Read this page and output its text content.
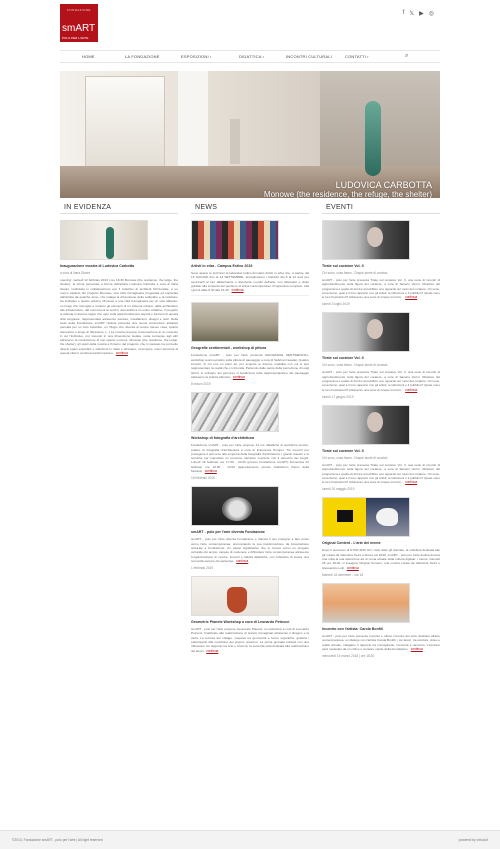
FONDAZIONE
smART
POLO PER L'ARTE
f 𝕏 ▶ ◎
HOME	LA FONDAZIONE	ESPOSIZIONI▾	DIDATTICA▾	INCONTRI CULTURALI	CONTATTI▾	⌕
LUDOVICA CARBOTTA
Monowe (the residence, the refuge, the shelter)
IN EVIDENZA
Inaugurazione mostra di Ludovica Carbotta
a cura di Ilaria Gianni
opening: martedì 12 febbraio 2019 | ore 18.30 Monowe (the residence, the lodge, the shelter), la prima personale a Roma dell'artista Ludovica Carbotta a cura di Ilaria Gianni, realizzata in collaborazione con il collettivo di architetti Orizzontale, è un nuovo capitolo del progetto Monowe, una città immaginaria progettata ed esplorata dall'artista da qualche anno, che indaga la dimensione della solitudine e la relazione fra individuo e spazio urbano. Monowe è una città immaginaria per un solo abitante, un luogo che raccoglie e riunisce gli elementi di un sistema urbano, dalle architetture alle infrastrutture, dai monumenti ai servizi, accessibili a un unico cittadino. Il progetto si articola in diverse tappe che ogni volta approfondiscono aspetti e funzioni di questa città singolare, rappresentata attraverso sculture, installazioni, disegni e testi. Nella sede della Fondazione smART l'artista presenta una nuova costruzione abitativa pensata per un solo individuo, un rifugio che diventa al tempo stesso casa, spazio domestico e luogo di riflessione. [...] La mostra propone l'osservazione di un contesto in cui l'individuo, pur vivendo in una dimensione isolata, resta connesso agli altri attraverso la condivisione di uno spazio comune. Monowe (the residence, the lodge, the shelter), gli spazi della mostra e l'interno del progetto, che in passato ha coinvolto diversi spazi espositivi e istituzioni in Italia e all'estero, ricompone nuovi elementi di questa città in continua trasformazione. continua
NEWS
Artisti in erba - Campus Estivo 2019
Sono aperte le iscrizioni ai laboratori ludico-formativi Artisti in erba che, a partire dal 10 GIUGNO fino al 13 SETTEMBRE, accoglieranno i bambini dai 6 ai 12 anni per avvicinarli al loro affascinante e divertente mondo dell'arte, con laboratori e visite guidate alla scoperta del pensiero di artisti contemporanei. Programma completo: tutti i giorni dalle 8.30 alle 16.30. continua
Geografie sentimentali - workshop di pittura
Fondazione smART - polo per l'arte presenta GEOGRAFIE SENTIMENTALI, workshop teorico-pratico sulla pittura di paesaggio a cura di Sabrina Casadei. Quattro incontri, di cui uno en plein air, per scoprire le diverse modalità con cui si può rappresentare la realtà che ci circonda. Partendo dalle teorie della percezione di Luigi Ghirri, lo sviluppo del percorso si focalizzerà sulla rappresentazione del paesaggio attraverso la pratica pittorica. continua
8 marzo 2019
Workshop di fotografia d'architettura
Fondazione smART - polo per l'arte propone 14 ore didattiche di workshop teorico-pratico di fotografia d'architettura a cura di Francesca Pompei. Tre incontri per proseguire il percorso alla scoperta della fotografia d'architettura, i grandi maestri e le tecniche per impostare un percorso narrativo coerente con il racconto dei luoghi. Lunedì 18 febbraio ore 17.00 - 20.00 (presso Fondazione smART) Domenica 24 febbraio ore 10.00 - 13.00 (appuntamento presso Auditorium Parco della Musica). continua
18 febbraio 2019
smART - polo per l'arte diventa Fondazione
smART - polo per l'arte diventa Fondazione e rilancia il suo impegno a fare poste verso l'arte contemporanea, annunciando la sua trasformazione da Associazione culturale a Fondazione. Un passo significativo che si muove verso un progetto culturale più ampio, capace di sostenere e diffondere l'arte contemporanea attraverso l'organizzazione di mostre, incontri e attività didattiche, con l'obiettivo di creare una comunità sempre più partecipe. continua
1 febbraio 2019
Geometric Planets Workshop a cura di Leonardo Petrucci
smART - polo per l'arte propone Geometric Planets, un workshop a cura di Leonardo Petrucci, finalizzato alla realizzazione di pianeti immaginari attraverso il disegno e la carta. La tecnica del collage, sospesa tra geometria e forme organiche, guiderà i partecipanti alla creazione del proprio universo. La prima giornata inizierà con una riflessione sul rapporto tra arte e scienza, la seconda sarà dedicata alla realizzazione dei lavori. continua
EVENTI
Tirate sul curatore Vol. II
Chi sono, cosa fanno. Cinque storie di curatori.
smART - polo per l'arte presenta Tirate sul curatore Vol. II, una serie di incontri di approfondimento sulla figura del curatore, a cura di Saverio Verini. Obiettivo del programma è quello di fornire al pubblico uno sguardo sul ruolo del curatore: chi sono, cosa fanno, qual è il loro rapporto con gli artisti, le istituzioni e il pubblico? Quale sono le loro frustrazioni? Attraverso una serie di cinque incontri... continua
lunedì 3 luglio 2019
Tirate sul curatore Vol. II
Chi sono, cosa fanno. Cinque storie di curatori.
smART - polo per l'arte presenta Tirate sul curatore Vol. II, una serie di incontri di approfondimento sulla figura del curatore, a cura di Saverio Verini. Obiettivo del programma è quello di fornire al pubblico uno sguardo sul ruolo del curatore: chi sono, cosa fanno, qual è il loro rapporto con gli artisti, le istituzioni e il pubblico? Quale sono le loro frustrazioni? Attraverso una serie di cinque incontri... continua
lunedì 17 giugno 2019
Tirate sul curatore Vol. II
Chi sono, cosa fanno. Cinque storie di curatori.
smART - polo per l'arte presenta Tirate sul curatore Vol. II, una serie di incontri di approfondimento sulla figura del curatore, a cura di Saverio Verini. Obiettivo del programma è quello di fornire al pubblico uno sguardo sul ruolo del curatore: chi sono, cosa fanno, qual è il loro rapporto con gli artisti, le istituzioni e il pubblico? Quale sono le loro frustrazioni? Attraverso una serie di cinque incontri... continua
lunedì 20 maggio 2019
Original Content - L'arte dei meme
Dopo il successo di STOP AND GO, l'arte delle gif animate, la collettiva dedicata alle gif curata da Valentina Tanni a Roma nel 2016, smART - polo per l'arte dedica ancora una volta la sua attenzione ad un tema attuale della cultura digitale: i meme. Giovedì 28 ore 18.00, si inaugura Original Content, una mostra curata da Valentina Tanni e Alessandro Lolli. continua
Martedì 16 dicembre - ore 18
Incontro con l'artista: Carola Bonfili
smART - polo per l'arte presenta il quinto e ultimo incontro del ciclo dedicato all'arte contemporanea, un dialogo con l'artista Carola Bonfili, i cui lavori, tra scultura, video e realtà virtuale, indagano il rapporto tra immaginario, memoria e racconto. L'incontro sarà moderato da un critico e curatore ospite della Fondazione. continua
mercoledì 14 marzo 2018 | ore 18.30
©2013, Fondazione smART - polo per l'arte | All right reserved	powered by virtual.it
